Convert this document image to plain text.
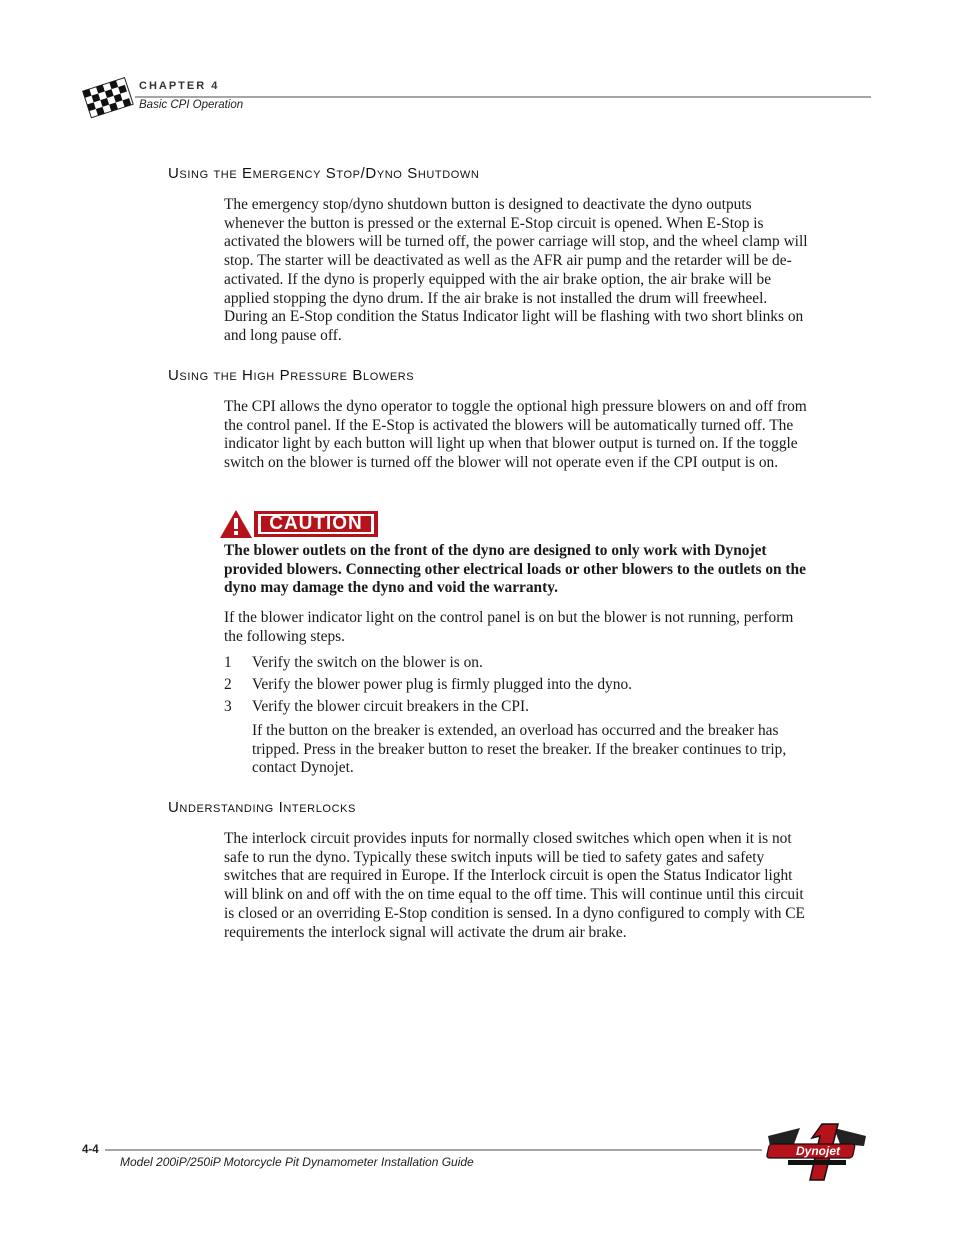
CHAPTER 4
Basic CPI Operation
Using the Emergency Stop/Dyno Shutdown

The emergency stop/dyno shutdown button is designed to deactivate the dyno outputs whenever the button is pressed or the external E-Stop circuit is opened. When E-Stop is activated the blowers will be turned off, the power carriage will stop, and the wheel clamp will stop. The starter will be deactivated as well as the AFR air pump and the retarder will be de-activated. If the dyno is properly equipped with the air brake option, the air brake will be applied stopping the dyno drum. If the air brake is not installed the drum will freewheel. During an E-Stop condition the Status Indicator light will be flashing with two short blinks on and long pause off.

Using the High Pressure Blowers

The CPI allows the dyno operator to toggle the optional high pressure blowers on and off from the control panel. If the E-Stop is activated the blowers will be automatically turned off. The indicator light by each button will light up when that blower output is turned on. If the toggle switch on the blower is turned off the blower will not operate even if the CPI output is on.

CAUTION

The blower outlets on the front of the dyno are designed to only work with Dynojet provided blowers. Connecting other electrical loads or other blowers to the outlets on the dyno may damage the dyno and void the warranty.

If the blower indicator light on the control panel is on but the blower is not running, perform the following steps.

1 Verify the switch on the blower is on.
2 Verify the blower power plug is firmly plugged into the dyno.
3 Verify the blower circuit breakers in the CPI.

If the button on the breaker is extended, an overload has occurred and the breaker has tripped. Press in the breaker button to reset the breaker. If the breaker continues to trip, contact Dynojet.

Understanding Interlocks

The interlock circuit provides inputs for normally closed switches which open when it is not safe to run the dyno. Typically these switch inputs will be tied to safety gates and safety switches that are required in Europe. If the Interlock circuit is open the Status Indicator light will blink on and off with the on time equal to the off time. This will continue until this circuit is closed or an overriding E-Stop condition is sensed. In a dyno configured to comply with CE requirements the interlock signal will activate the drum air brake.

4-4
Model 200iP/250iP Motorcycle Pit Dynamometer Installation Guide
Dynojet
